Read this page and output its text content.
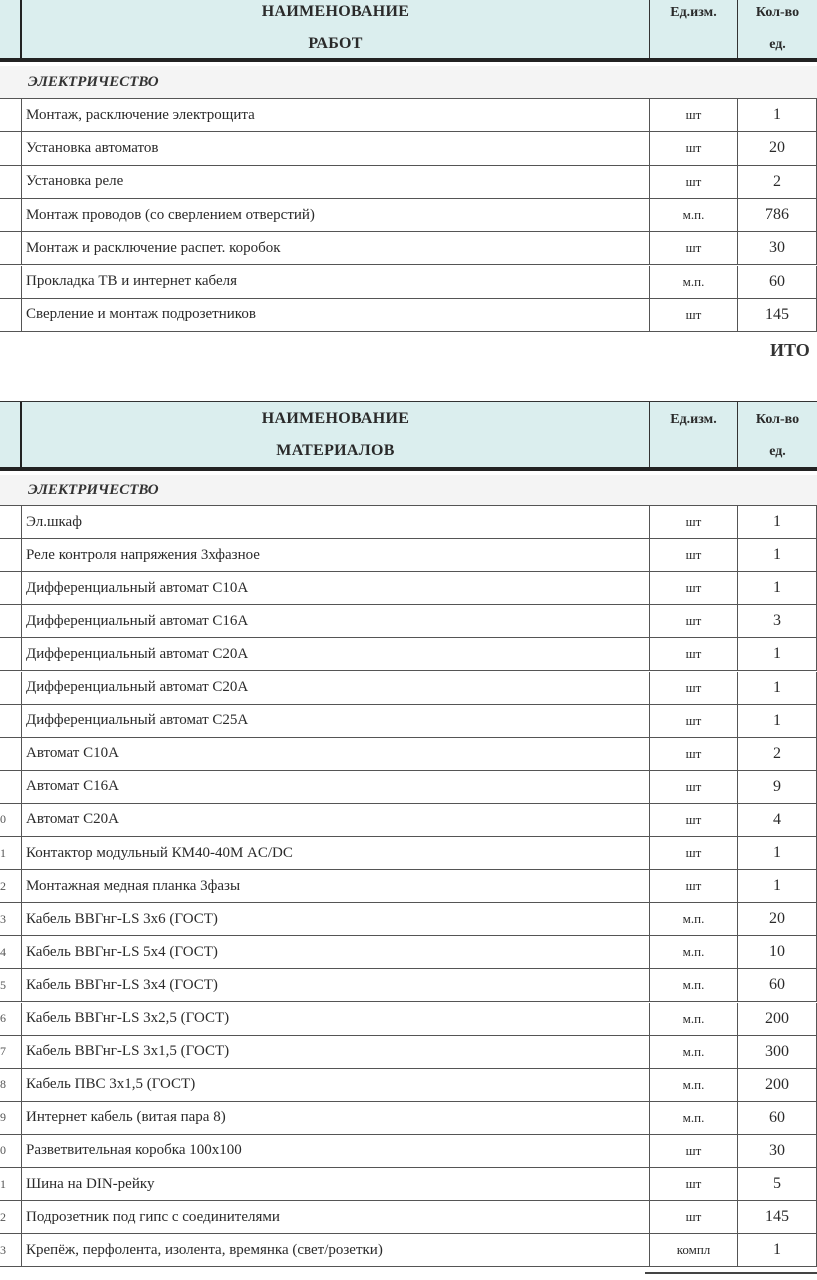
НАИМЕНОВАНИЕ
РАБОТ
Ед.изм.	Кол-во
ед.
ЭЛЕКТРИЧЕСТВО
Монтаж, расключение электрощита	шт	1
Установка автоматов	шт	20
Установка реле	шт	2
Монтаж проводов (со сверлением отверстий)	м.п.	786
Монтаж и расключение распет. коробок	шт	30
Прокладка ТВ и интернет кабеля	м.п.	60
Сверление и монтаж подрозетников	шт	145
ИТО
НАИМЕНОВАНИЕ
МАТЕРИАЛОВ
Ед.изм.	Кол-во
ед.
ЭЛЕКТРИЧЕСТВО
Эл.шкаф	шт	1
Реле контроля напряжения 3хфазное	шт	1
Дифференциальный автомат С10А	шт	1
Дифференциальный автомат С16А	шт	3
Дифференциальный автомат С20А	шт	1
Дифференциальный автомат С20А	шт	1
Дифференциальный автомат С25А	шт	1
Автомат С10А	шт	2
Автомат С16А	шт	9
0	Автомат С20А	шт	4
1	Контактор модульный КМ40-40М AC/DC	шт	1
2	Монтажная медная планка 3фазы	шт	1
3	Кабель ВВГнг-LS 3х6 (ГОСТ)	м.п.	20
4	Кабель ВВГнг-LS 5х4 (ГОСТ)	м.п.	10
5	Кабель ВВГнг-LS 3х4 (ГОСТ)	м.п.	60
6	Кабель ВВГнг-LS 3х2,5 (ГОСТ)	м.п.	200
7	Кабель ВВГнг-LS 3х1,5 (ГОСТ)	м.п.	300
8	Кабель ПВС 3х1,5 (ГОСТ)	м.п.	200
9	Интернет кабель (витая пара 8)	м.п.	60
0	Разветвительная коробка 100х100	шт	30
1	Шина на DIN-рейку	шт	5
2	Подрозетник под гипс с соединителями	шт	145
3	Крепёж, перфолента, изолента, времянка (свет/розетки)	компл	1
